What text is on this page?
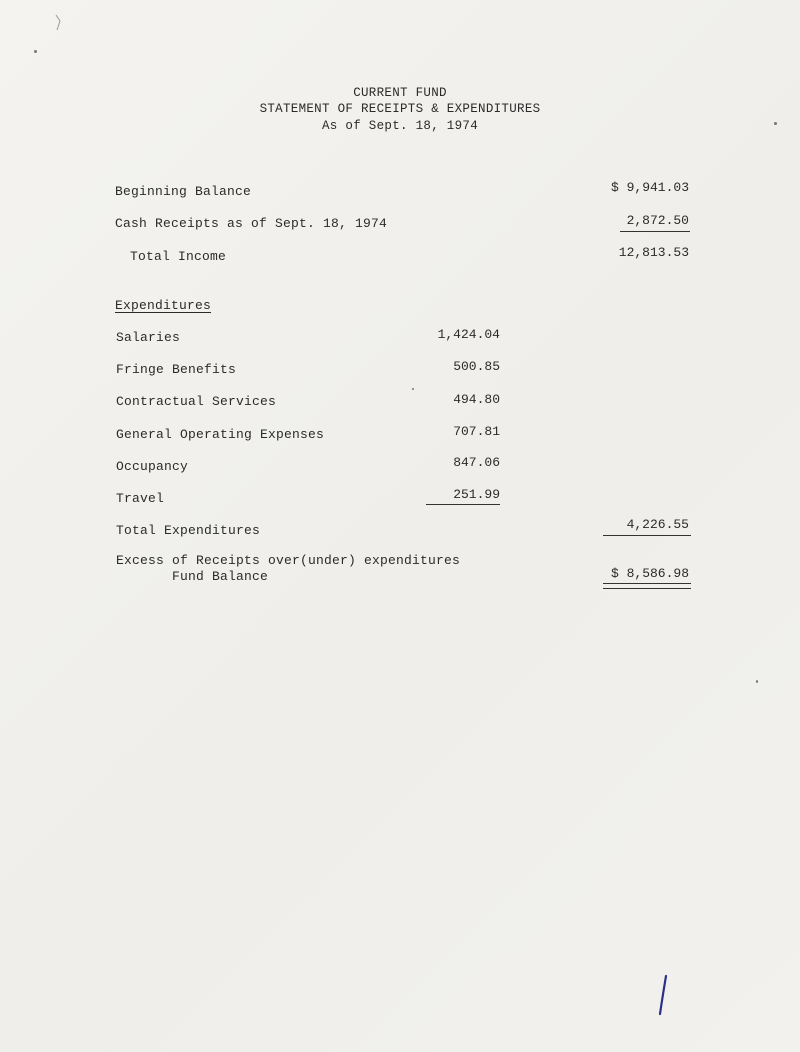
CURRENT FUND
STATEMENT OF RECEIPTS & EXPENDITURES
As of Sept. 18, 1974
Beginning Balance	$ 9,941.03
Cash Receipts as of Sept. 18, 1974	2,872.50
Total Income	12,813.53
Expenditures
Salaries	1,424.04
Fringe Benefits	500.85
Contractual Services	494.80
General Operating Expenses	707.81
Occupancy	847.06
Travel	251.99
Total Expenditures	4,226.55
Excess of Receipts over(under) expenditures
Fund Balance	$ 8,586.98
